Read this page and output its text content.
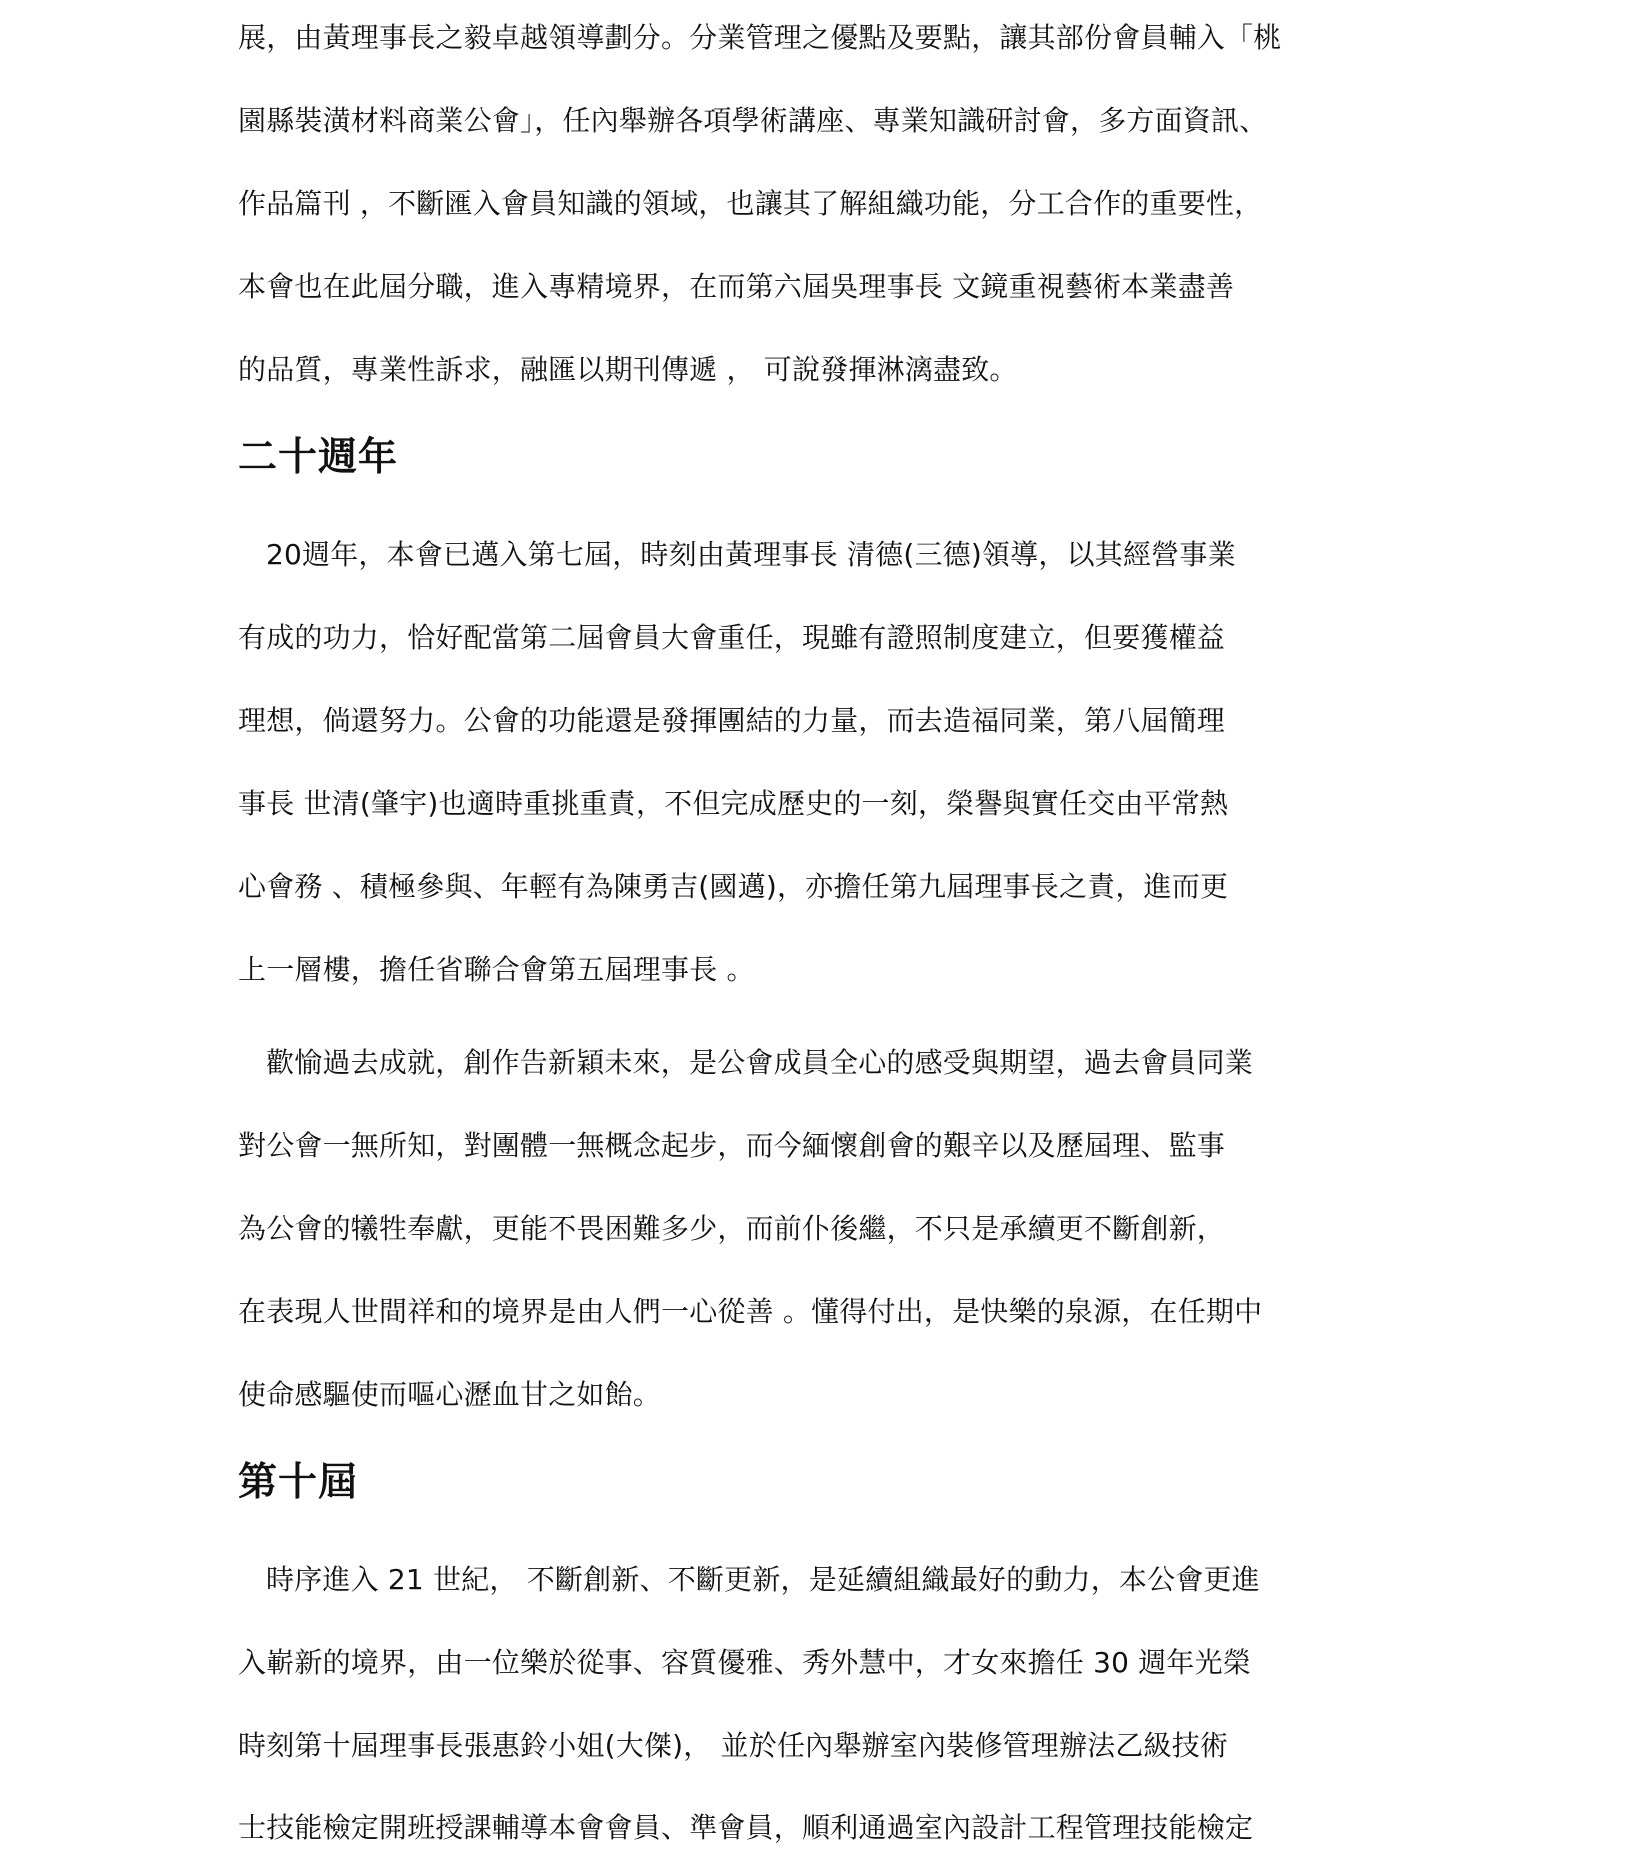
展，由黃理事長之毅卓越領導劃分。分業管理之優點及要點，讓其部份會員輔入「桃
園縣裝潢材料商業公會」，任內舉辦各項學術講座、專業知識研討會，多方面資訊、
作品篇刊 ，不斷匯入會員知識的領域，也讓其了解組織功能，分工合作的重要性，
本會也在此屆分職，進入專精境界，在而第六屆吳理事長 文鏡重視藝術本業盡善
的品質，專業性訴求，融匯以期刊傳遞 ， 可說發揮淋漓盡致。
二十週年
20週年，本會已邁入第七屆，時刻由黃理事長 清德(三德)領導，以其經營事業
有成的功力，恰好配當第二屆會員大會重任，現雖有證照制度建立，但要獲權益
理想，倘還努力。公會的功能還是發揮團結的力量，而去造福同業，第八屆簡理
事長 世清(肇宇)也適時重挑重責，不但完成歷史的一刻，榮譽與實任交由平常熱
心會務 、積極參與、年輕有為陳勇吉(國邁)，亦擔任第九屆理事長之責，進而更
上一層樓，擔任省聯合會第五屆理事長 。
歡愉過去成就，創作告新穎未來，是公會成員全心的感受與期望，過去會員同業
對公會一無所知，對團體一無概念起步，而今緬懷創會的艱辛以及歷屆理、監事
為公會的犧牲奉獻，更能不畏困難多少，而前仆後繼，不只是承續更不斷創新，
在表現人世間祥和的境界是由人們一心從善 。懂得付出，是快樂的泉源，在任期中
使命感驅使而嘔心瀝血甘之如飴。
第十屆
時序進入 21 世紀， 不斷創新、不斷更新，是延續組織最好的動力，本公會更進
入嶄新的境界，由一位樂於從事、容質優雅、秀外慧中，才女來擔任 30 週年光榮
時刻第十屆理事長張惠鈴小姐(大傑)， 並於任內舉辦室內裝修管理辦法乙級技術
士技能檢定開班授課輔導本會會員、準會員，順利通過室內設計工程管理技能檢定
